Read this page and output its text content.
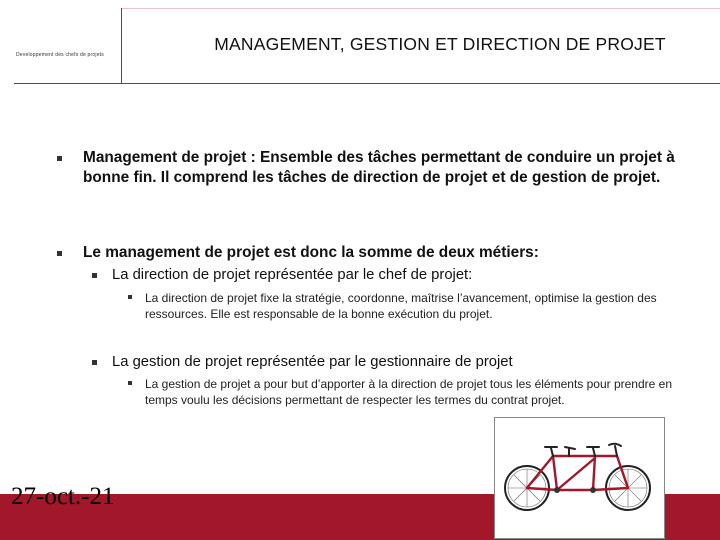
Developpement des chefs de projets
MANAGEMENT, GESTION ET DIRECTION DE PROJET
Management de projet : Ensemble des tâches permettant de conduire un projet à bonne fin. Il comprend les tâches de direction de projet et de gestion de projet.
Le management de projet est donc la somme de deux métiers:
La direction de projet représentée par le chef de projet:
La direction de projet fixe la stratégie, coordonne, maîtrise l’avancement, optimise la gestion des ressources. Elle est responsable de la bonne exécution du projet.
La gestion de projet représentée par le gestionnaire de projet
La gestion de projet a pour but d’apporter à la direction de projet tous les éléments pour prendre en temps voulu les décisions permettant de respecter les termes du contrat projet.
27-oct.-21
